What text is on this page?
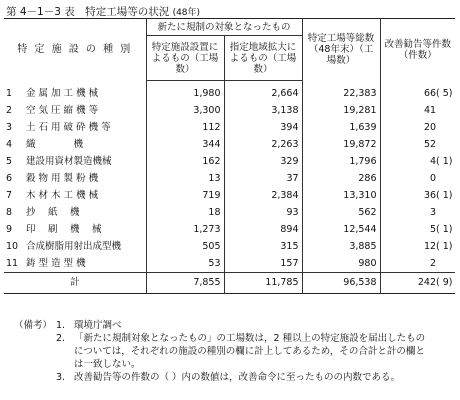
第 4－1－3 表　特定工場等の状況 (48年)
特 定 施 設 の 種 別		新たに規制の対象となったもの		特定工場等総数（48年末）（工場数）	改善勧告等件数（件数）
		特定施設設置によるもの（工場数）	指定地域拡大によるもの（工場数）		
1	金 属 加 工 機 械	1,980	2,664	22,383	66( 5)
2	空 気 圧 縮 機 等	3,300	3,138	19,281	41
3	土 石 用 破 砕 機 等	112	394	1,639	20
4	織　　　　機	344	2,263	19,872	52
5	建設用資材製造機械	162	329	1,796	4( 1)
6	穀 物 用 製 粉 機	13	37	286	0
7	木 材 木 工 機 械	719	2,384	13,310	36( 1)
8	抄　 紙 　機	18	93	562	3
9	印　 刷 　機　 械	1,273	894	12,544	5( 1)
10	合成樹脂用射出成型機	505	315	3,885	12( 1)
11	鋳 型 造 型 機	53	157	980	2
計		7,855	11,785	96,538	242( 9)
（備考） 1. 環境庁調べ
2. 「新たに規制対象となったもの」の工場数は，2 種以上の特定施設を届出したものについては，それぞれの施設の種別の欄に計上してあるため，その合計と計の欄とは一致しない。
3. 改善勧告等の件数の（ ）内の数値は，改善命令に至ったものの内数である。
